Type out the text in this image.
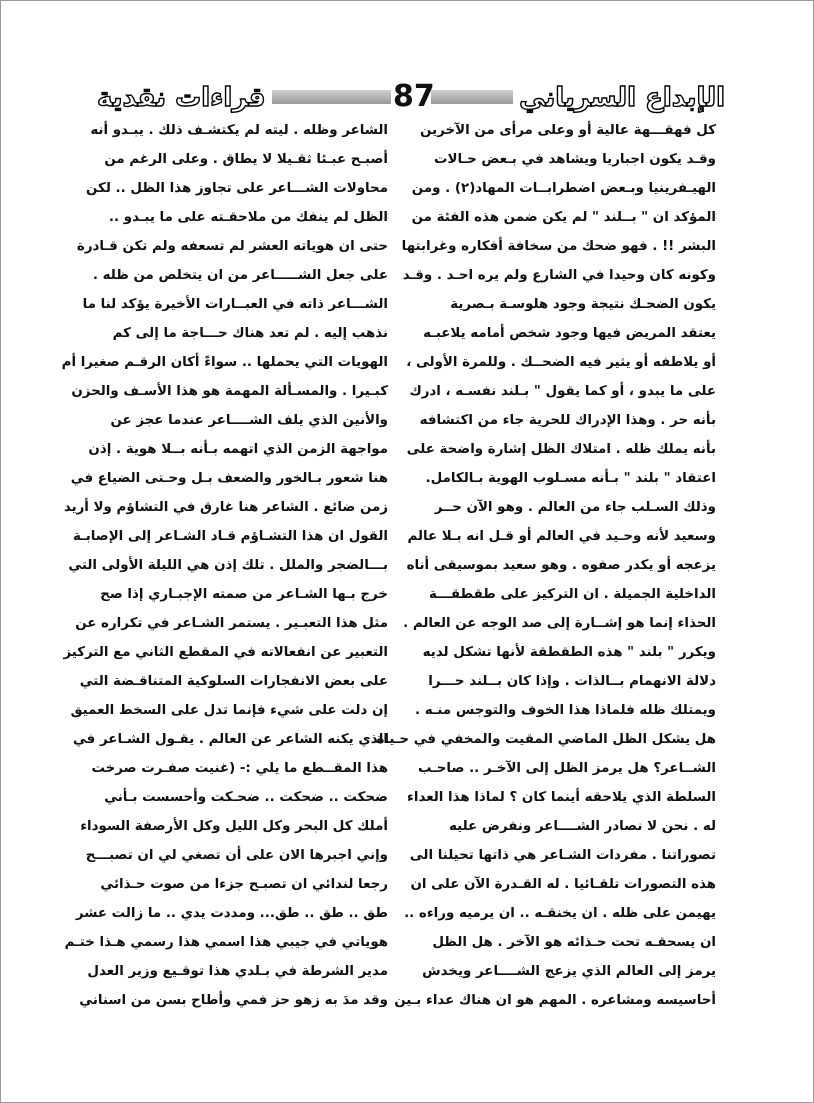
قراءات نقدية	87	الإبداع السرياني
كل فهقـــهة عالية أو وعلى مرأى من الآخرين
وقـد يكون اجباريا ويشاهد في بـعض حـالات
الهيـفرينيا وبـعض اضطرابــات المهاد(٢) . ومن
المؤكد ان " بــلند " لم يكن ضمن هذه الفئة من
البشر !! . فهو ضحك من سخافة أفكاره وغرابتها
وكونه كان وحيدا في الشارع ولم يره احـد . وقـد
يكون الضحـك نتيجة وجود هلوسـة بـصرية
يعتقد المريض فيها وجود شخص أمامه يلاعبـه
أو يلاطفه أو يثير فيه الضحــك . وللمرة الأولى ،
على ما يبدو ، أو كما يقول " بـلند نفسـه ، ادرك
بأنه حر . وهذا الإدراك للحرية جاء من اكتشافه
بأنه يملك ظله . امتلاك الظل إشارة واضحة على
اعتقاد " بلند " بـأنه مسـلوب الهوية بـالكامل.
وذلك السـلب جاء من العالم . وهو الآن حــر
وسعيد لأنه وحـيد في العالم أو قـل انه بـلا عالم
يزعجه أو يكدر صفوه . وهو سعيد بموسيقى أناه
الداخلية الجميلة . ان التركيز على طقطقـــة
الحذاء إنما هو إشــارة إلى صد الوجه عن العالم .
ويكرر " بلند " هذه الطقطقة لأنها تشكل لديه
دلالة الانهمام بــالذات . وإذا كان بــلند حـــرا
ويمتلك ظله فلماذا هذا الخوف والتوجس منـه .
هل يشكل الظل الماضي المقيت والمخفي في حـياة
الشــاعر؟ هل يرمز الظل إلى الآخـر .. صاحـب
السلطة الذي يلاحقه أينما كان ؟ لماذا هذا العداء
له . نحن لا نصادر الشــــاعر ونفرض عليه
تصوراتنا . مفردات الشـاعر هي ذاتها تحيلنا الى
هذه التصورات تلقـائيا . له القـدرة الآن على ان
يهيمن على ظله . ان يخنقـه .. ان يرميه وراءه ..
ان يسحقـه تحت حـذائه هو الآخر . هل الظل
يرمز إلى العالم الذي يزعج الشــــاعر ويخدش
أحاسيسه ومشاعره . المهم هو ان هناك عداء بـين
الشاعر وظله . ليته لم يكتشـف ذلك . يبـدو أنه
أصبـح عبـئا ثقـيلا لا يطاق . وعلى الرغم من
محاولات الشـــاعر على تجاوز هذا الظل .. لكن
الظل لم ينفك من ملاحقـته على ما يبـدو ..
حتى ان هوياته العشر لم تسعفه ولم تكن قـادرة
على جعل الشـــــاعر من ان يتخلص من ظله .
الشـــاعر ذاته في العبــارات الأخيرة يؤكد لنا ما
نذهب إليه . لم تعد هناك حـــاجة ما إلى كم
الهويات التي يحملها .. سواءً أكان الرقـم صغيرا أم
كبـيرا . والمسـألة المهمة هو هذا الأسـف والحزن
والأنين الذي يلف الشــــاعر عندما عجز عن
مواجهة الزمن الذي اتهمه بـأنه بــلا هوية . إذن
هنا شعور بـالخور والضعف بـل وحـتى الضياع في
زمن ضائع . الشاعر هنا غارق في التشاؤم ولا أريد
القول ان هذا التشـاؤم قـاد الشـاعر إلى الإصابـة
بـــالضجر والملل . تلك إذن هي الليلة الأولى التي
خرج بـها الشـاعر من صمته الإجبـاري إذا صح
مثل هذا التعبـير . يستمر الشـاعر في تكراره عن
التعبير عن انفعالاته في المقطع الثاني مع التركيز
على بعض الانفجارات السلوكية المتناقـضة التي
إن دلت على شيء فإنما تدل على السخط العميق
الذي يكنه الشاعر عن العالم . يقـول الشـاعر في
هذا المقــطع ما يلي :- (غنيت صفـرت صرخت
ضحكت .. ضحكت .. ضحـكت وأحسست بـأني
أملك كل البحر وكل الليل وكل الأرصفة السوداء
وإني اجبرها الان على أن تصغي لي ان تصبـــح
رجعا لندائي ان تصبـح جزءا من صوت حـذائي
طق .. طق .. طق... ومددت يدي .. ما زالت عشر
هوياتي في جيبي هذا اسمي هذا رسمي هـذا ختـم
مدير الشرطة في بـلدي هذا توقـيع وزير العدل
وقد مدَ به زهو حز فمي وأطاح بسن من اسناني
